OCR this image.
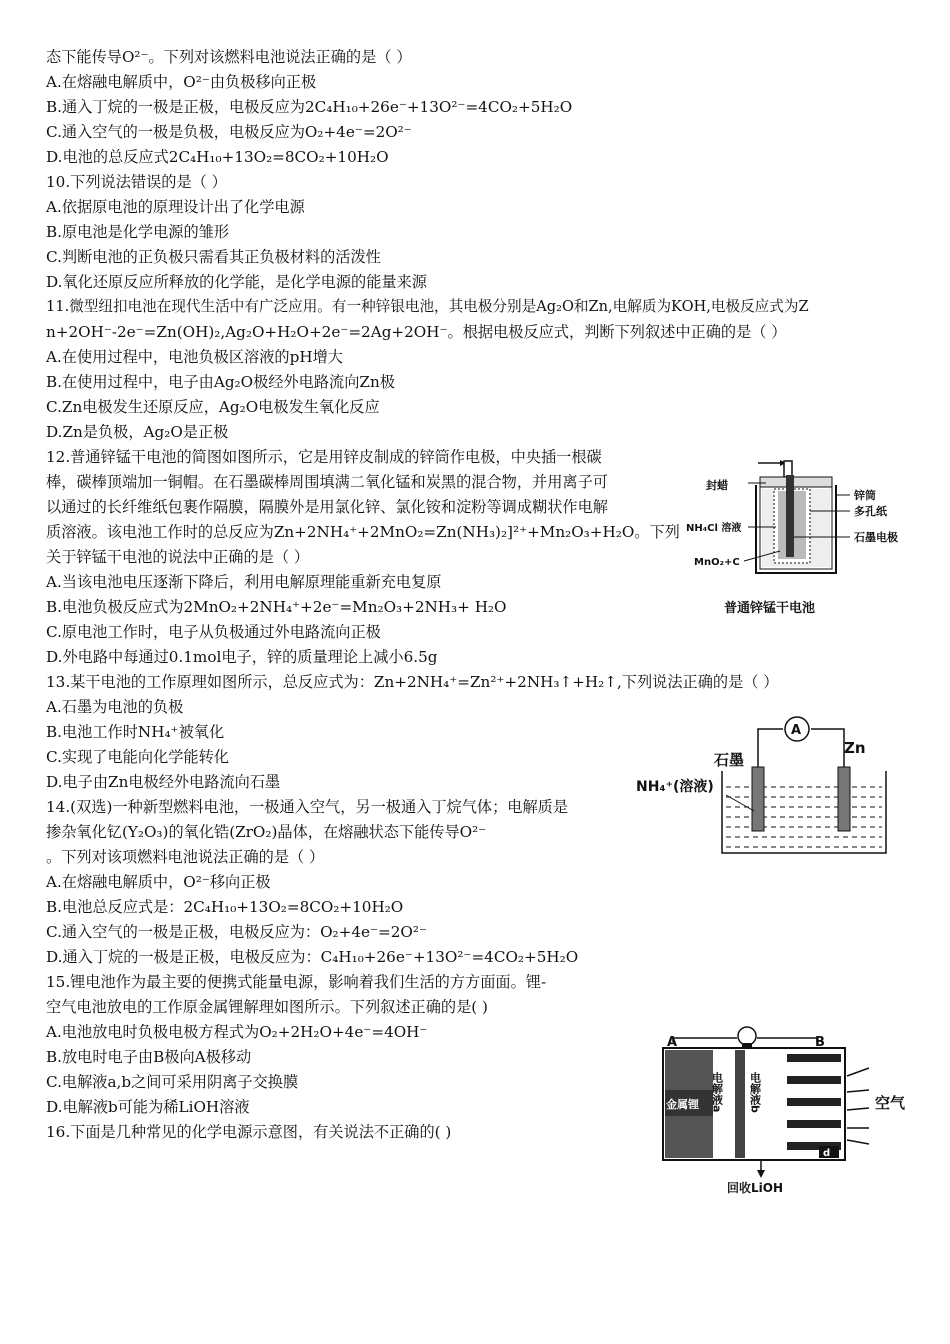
态下能传导O²⁻。下列对该燃料电池说法正确的是（ ）
A.在熔融电解质中，O²⁻由负极移向正极
B.通入丁烷的一极是正极，电极反应为2C₄H₁₀+26e⁻+13O²⁻=4CO₂+5H₂O
C.通入空气的一极是负极，电极反应为O₂+4e⁻=2O²⁻
D.电池的总反应式2C₄H₁₀+13O₂=8CO₂+10H₂O
10.下列说法错误的是（ ）
A.依据原电池的原理设计出了化学电源
B.原电池是化学电源的雏形
C.判断电池的正负极只需看其正负极材料的活泼性
D.氧化还原反应所释放的化学能，是化学电源的能量来源
11.微型纽扣电池在现代生活中有广泛应用。有一种锌银电池，其电极分别是Ag₂O和Zn,电解质为KOH,电极反应式为Z
n+2OH⁻-2e⁻=Zn(OH)₂,Ag₂O+H₂O+2e⁻=2Ag+2OH⁻。根据电极反应式，判断下列叙述中正确的是（ ）
A.在使用过程中，电池负极区溶液的pH增大
B.在使用过程中，电子由Ag₂O极经外电路流向Zn极
C.Zn电极发生还原反应，Ag₂O电极发生氧化反应
D.Zn是负极，Ag₂O是正极
12.普通锌锰干电池的简图如图所示，它是用锌皮制成的锌筒作电极，中央插一根碳
棒，碳棒顶端加一铜帽。在石墨碳棒周围填满二氧化锰和炭黑的混合物，并用离子可
以通过的长纤维纸包裹作隔膜，隔膜外是用氯化锌、氯化铵和淀粉等调成糊状作电解
质溶液。该电池工作时的总反应为Zn+2NH₄⁺+2MnO₂=Zn(NH₃)₂]²⁺+Mn₂O₃+H₂O。下列
关于锌锰干电池的说法中正确的是（ ）
A.当该电池电压逐渐下降后，利用电解原理能重新充电复原
B.电池负极反应式为2MnO₂+2NH₄⁺+2e⁻=Mn₂O₃+2NH₃+ H₂O
C.原电池工作时，电子从负极通过外电路流向正极
D.外电路中每通过0.1mol电子，锌的质量理论上减小6.5g
13.某干电池的工作原理如图所示，总反应式为：Zn+2NH₄⁺=Zn²⁺+2NH₃↑+H₂↑,下列说法正确的是（ ）
A.石墨为电池的负极
B.电池工作时NH₄⁺被氧化
C.实现了电能向化学能转化
D.电子由Zn电极经外电路流向石墨
14.(双选)一种新型燃料电池，一极通入空气，另一极通入丁烷气体；电解质是
掺杂氧化钇(Y₂O₃)的氧化锆(ZrO₂)晶体，在熔融状态下能传导O²⁻
。下列对该项燃料电池说法正确的是（ ）
A.在熔融电解质中，O²⁻移向正极
B.电池总反应式是：2C₄H₁₀+13O₂=8CO₂+10H₂O
C.通入空气的一极是正极，电极反应为：O₂+4e⁻=2O²⁻
D.通入丁烷的一极是正极，电极反应为：C₄H₁₀+26e⁻+13O²⁻=4CO₂+5H₂O
15.锂电池作为最主要的便携式能量电源，影响着我们生活的方方面面。锂-
空气电池放电的工作原金属锂解理如图所示。下列叙述正确的是( )
A.电池放电时负极电极方程式为O₂+2H₂O+4e⁻=4OH⁻
B.放电时电子由B极向A极移动
C.电解液a,b之间可采用阴离子交换膜
D.电解液b可能为稀LiOH溶液
16.下面是几种常见的化学电源示意图，有关说法不正确的( )
封蜡
NH₄Cl 溶液
MnO₂+C
锌筒
多孔纸
石墨电极
普通锌锰干电池
A
石墨
Zn
NH₄⁺(溶液)
A	B
金属锂 电解液a 电解液b	空气
d
回收LiOH
